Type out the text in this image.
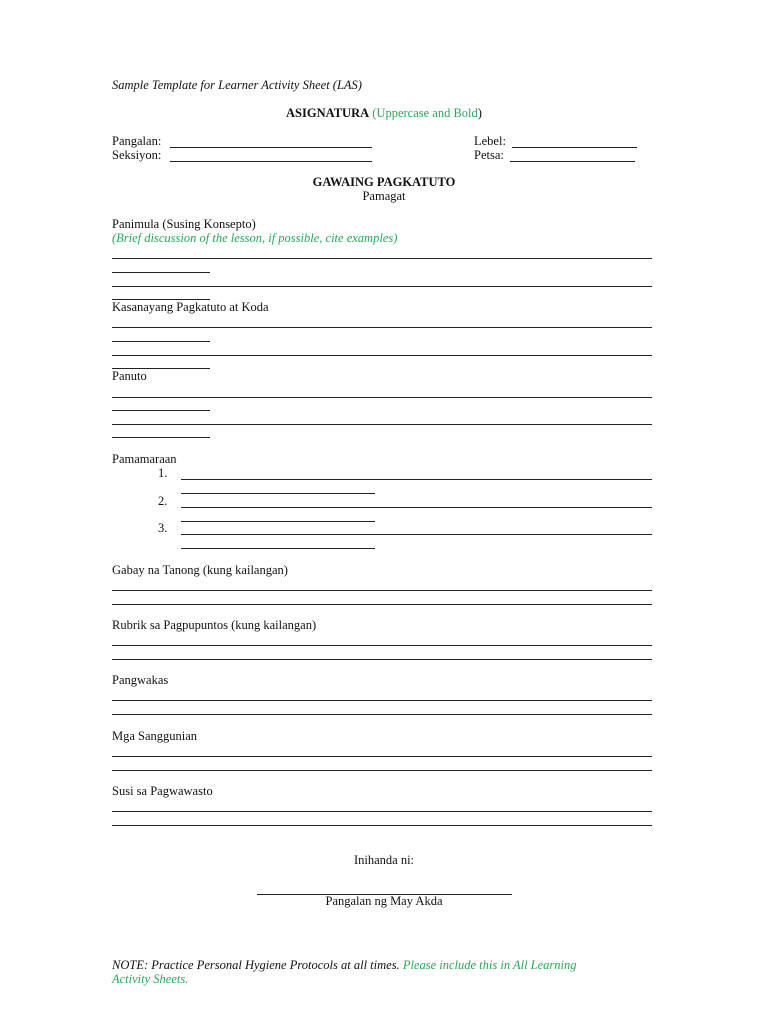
Sample Template for Learner Activity Sheet (LAS)
ASIGNATURA (Uppercase and Bold)
Pangalan:
Seksiyon:
Lebel:
Petsa:
GAWAING PAGKATUTO
Pamagat
Panimula (Susing Konsepto)
(Brief discussion of the lesson, if possible, cite examples)
Kasanayang Pagkatuto at Koda
Panuto
Pamamaraan
1.
2.
3.
Gabay na Tanong (kung kailangan)
Rubrik sa Pagpupuntos (kung kailangan)
Pangwakas
Mga Sanggunian
Susi sa Pagwawasto
Inihanda ni:
Pangalan ng May Akda
NOTE: Practice Personal Hygiene Protocols at all times. Please include this in All Learning
Activity Sheets.
